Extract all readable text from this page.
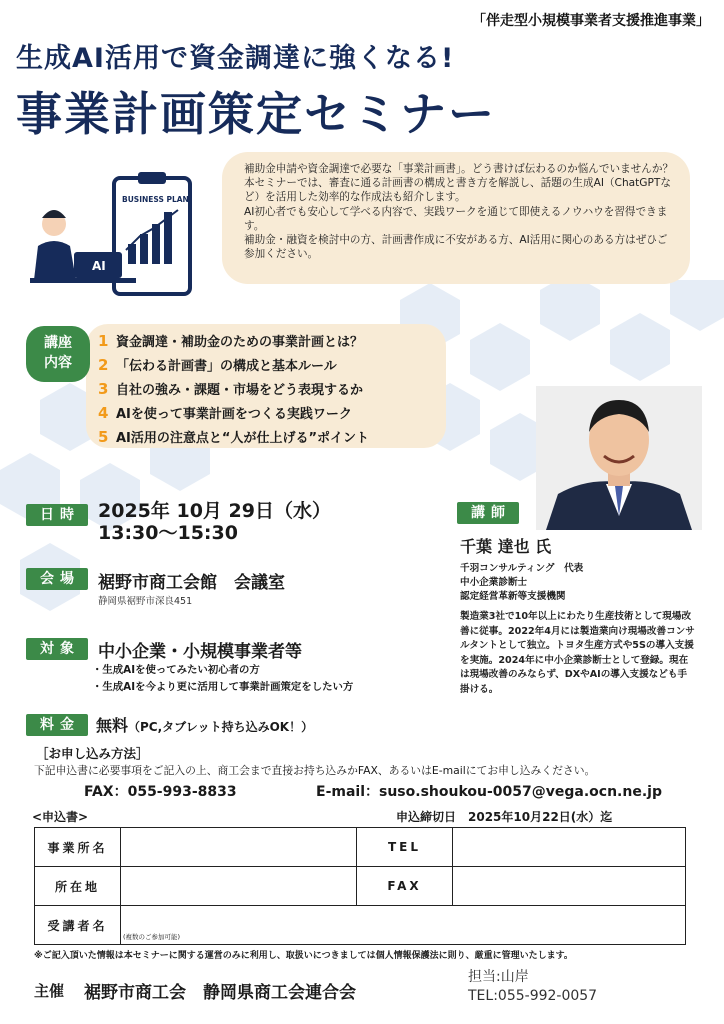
「伴走型小規模事業者支援推進事業」
生成AI活用で資金調達に強くなる!
事業計画策定セミナー
BUSINESS PLAN
AI

補助金申請や資金調達で必要な「事業計画書」。どう書けば伝わるのか悩んでいませんか？

本セミナーでは、審査に通る計画書の構成と書き方を解説し、話題の生成AI（ChatGPTなど）を活用した効率的な作成法も紹介します。

AI初心者でも安心して学べる内容で、実践ワークを通じて即使えるノウハウを習得できます。

補助金・融資を検討中の方、計画書作成に不安がある方、AI活用に関心のある方はぜひご参加ください。

1 資金調達・補助金のための事業計画とは？
2 「伝わる計画書」の構成と基本ルール
3 自社の強み・課題・市場をどう表現するか
4 AIを使って事業計画をつくる実践ワーク
5 AI活用の注意点と“人が仕上げる”ポイント
講座
内容
日時 2025年 10月 29日（水）
13:30〜15:30
会場	裾野市商工会館　会議室
静岡県裾野市深良451
対象	中小企業・小規模事業者等
・生成AIを使ってみたい初心者の方
・生成AIを今より更に活用して事業計画策定をしたい方
料金	無料（PC,タブレット持ち込みOK！）
講師
千葉 達也 氏
千羽コンサルティング　代表
中小企業診断士
認定経営革新等支援機関
製造業3社で10年以上にわたり生産技術として現場改善に従事。2022年4月には製造業向け現場改善コンサルタントとして独立。トヨタ生産方式や5Sの導入支援を実施。2024年に中小企業診断士として登録。現在は現場改善のみならず、DXやAIの導入支援なども手掛ける。
［お申し込み方法］
下記申込書に必要事項をご記入の上、商工会まで直接お持ち込みかFAX、あるいはE-mailにてお申し込みください。
FAX：055-993-8833	E-mail：suso.shoukou-0057@vega.ocn.ne.jp
<申込書>	申込締切日　2025年10月22日(水）迄
事業所名		TEL	
所在地		FAX	
受講者名	$_{(複数のご参加可能)}$
※ご記入頂いた情報は本セミナーに関する運営のみに利用し、取扱いにつきましては個人情報保護法に則り、厳重に管理いたします。
主催 裾野市商工会　静岡県商工会連合会
担当:山岸
TEL:055-992-0057
